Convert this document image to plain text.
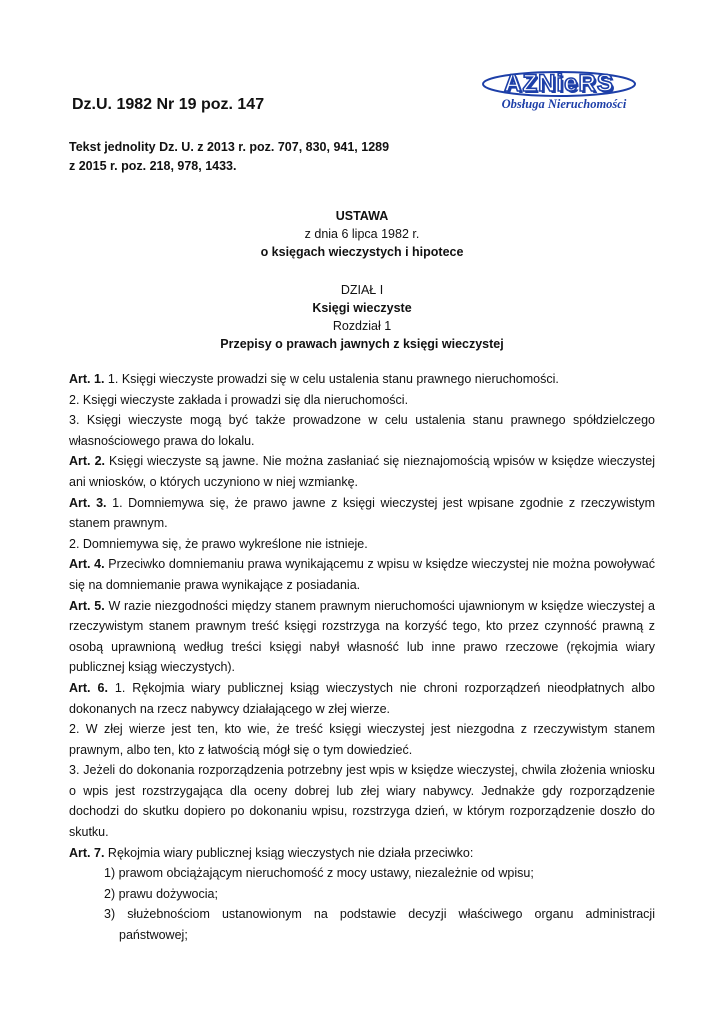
Dz.U. 1982 Nr 19 poz. 147
AZNieRS
Obsługa Nieruchomości
Tekst jednolity Dz. U. z 2013 r. poz. 707, 830, 941, 1289
z 2015 r. poz. 218, 978, 1433.
USTAWA
z dnia 6 lipca 1982 r.
o księgach wieczystych i hipotece
DZIAŁ I
Księgi wieczyste
Rozdział 1
Przepisy o prawach jawnych z księgi wieczystej

Art. 1. 1. Księgi wieczyste prowadzi się w celu ustalenia stanu prawnego nieruchomości.

2. Księgi wieczyste zakłada i prowadzi się dla nieruchomości.

3. Księgi wieczyste mogą być także prowadzone w celu ustalenia stanu prawnego spółdzielczego własnościowego prawa do lokalu.

Art. 2. Księgi wieczyste są jawne. Nie można zasłaniać się nieznajomością wpisów w księdze wieczystej ani wniosków, o których uczyniono w niej wzmiankę.

Art. 3. 1. Domniemywa się, że prawo jawne z księgi wieczystej jest wpisane zgodnie z rzeczywistym stanem prawnym.

2. Domniemywa się, że prawo wykreślone nie istnieje.

Art. 4. Przeciwko domniemaniu prawa wynikającemu z wpisu w księdze wieczystej nie można powoływać się na domniemanie prawa wynikające z posiadania.

Art. 5. W razie niezgodności między stanem prawnym nieruchomości ujawnionym w księdze wieczystej a rzeczywistym stanem prawnym treść księgi rozstrzyga na korzyść tego, kto przez czynność prawną z osobą uprawnioną według treści księgi nabył własność lub inne prawo rzeczowe (rękojmia wiary publicznej ksiąg wieczystych).

Art. 6. 1. Rękojmia wiary publicznej ksiąg wieczystych nie chroni rozporządzeń nieodpłatnych albo dokonanych na rzecz nabywcy działającego w złej wierze.

2. W złej wierze jest ten, kto wie, że treść księgi wieczystej jest niezgodna z rzeczywistym stanem prawnym, albo ten, kto z łatwością mógł się o tym dowiedzieć.

3. Jeżeli do dokonania rozporządzenia potrzebny jest wpis w księdze wieczystej, chwila złożenia wniosku o wpis jest rozstrzygająca dla oceny dobrej lub złej wiary nabywcy. Jednakże gdy rozporządzenie dochodzi do skutku dopiero po dokonaniu wpisu, rozstrzyga dzień, w którym rozporządzenie doszło do skutku.

Art. 7. Rękojmia wiary publicznej ksiąg wieczystych nie działa przeciwko:

1) prawom obciążającym nieruchomość z mocy ustawy, niezależnie od wpisu;

2) prawu dożywocia;

3) służebnościom ustanowionym na podstawie decyzji właściwego organu administracji państwowej;
